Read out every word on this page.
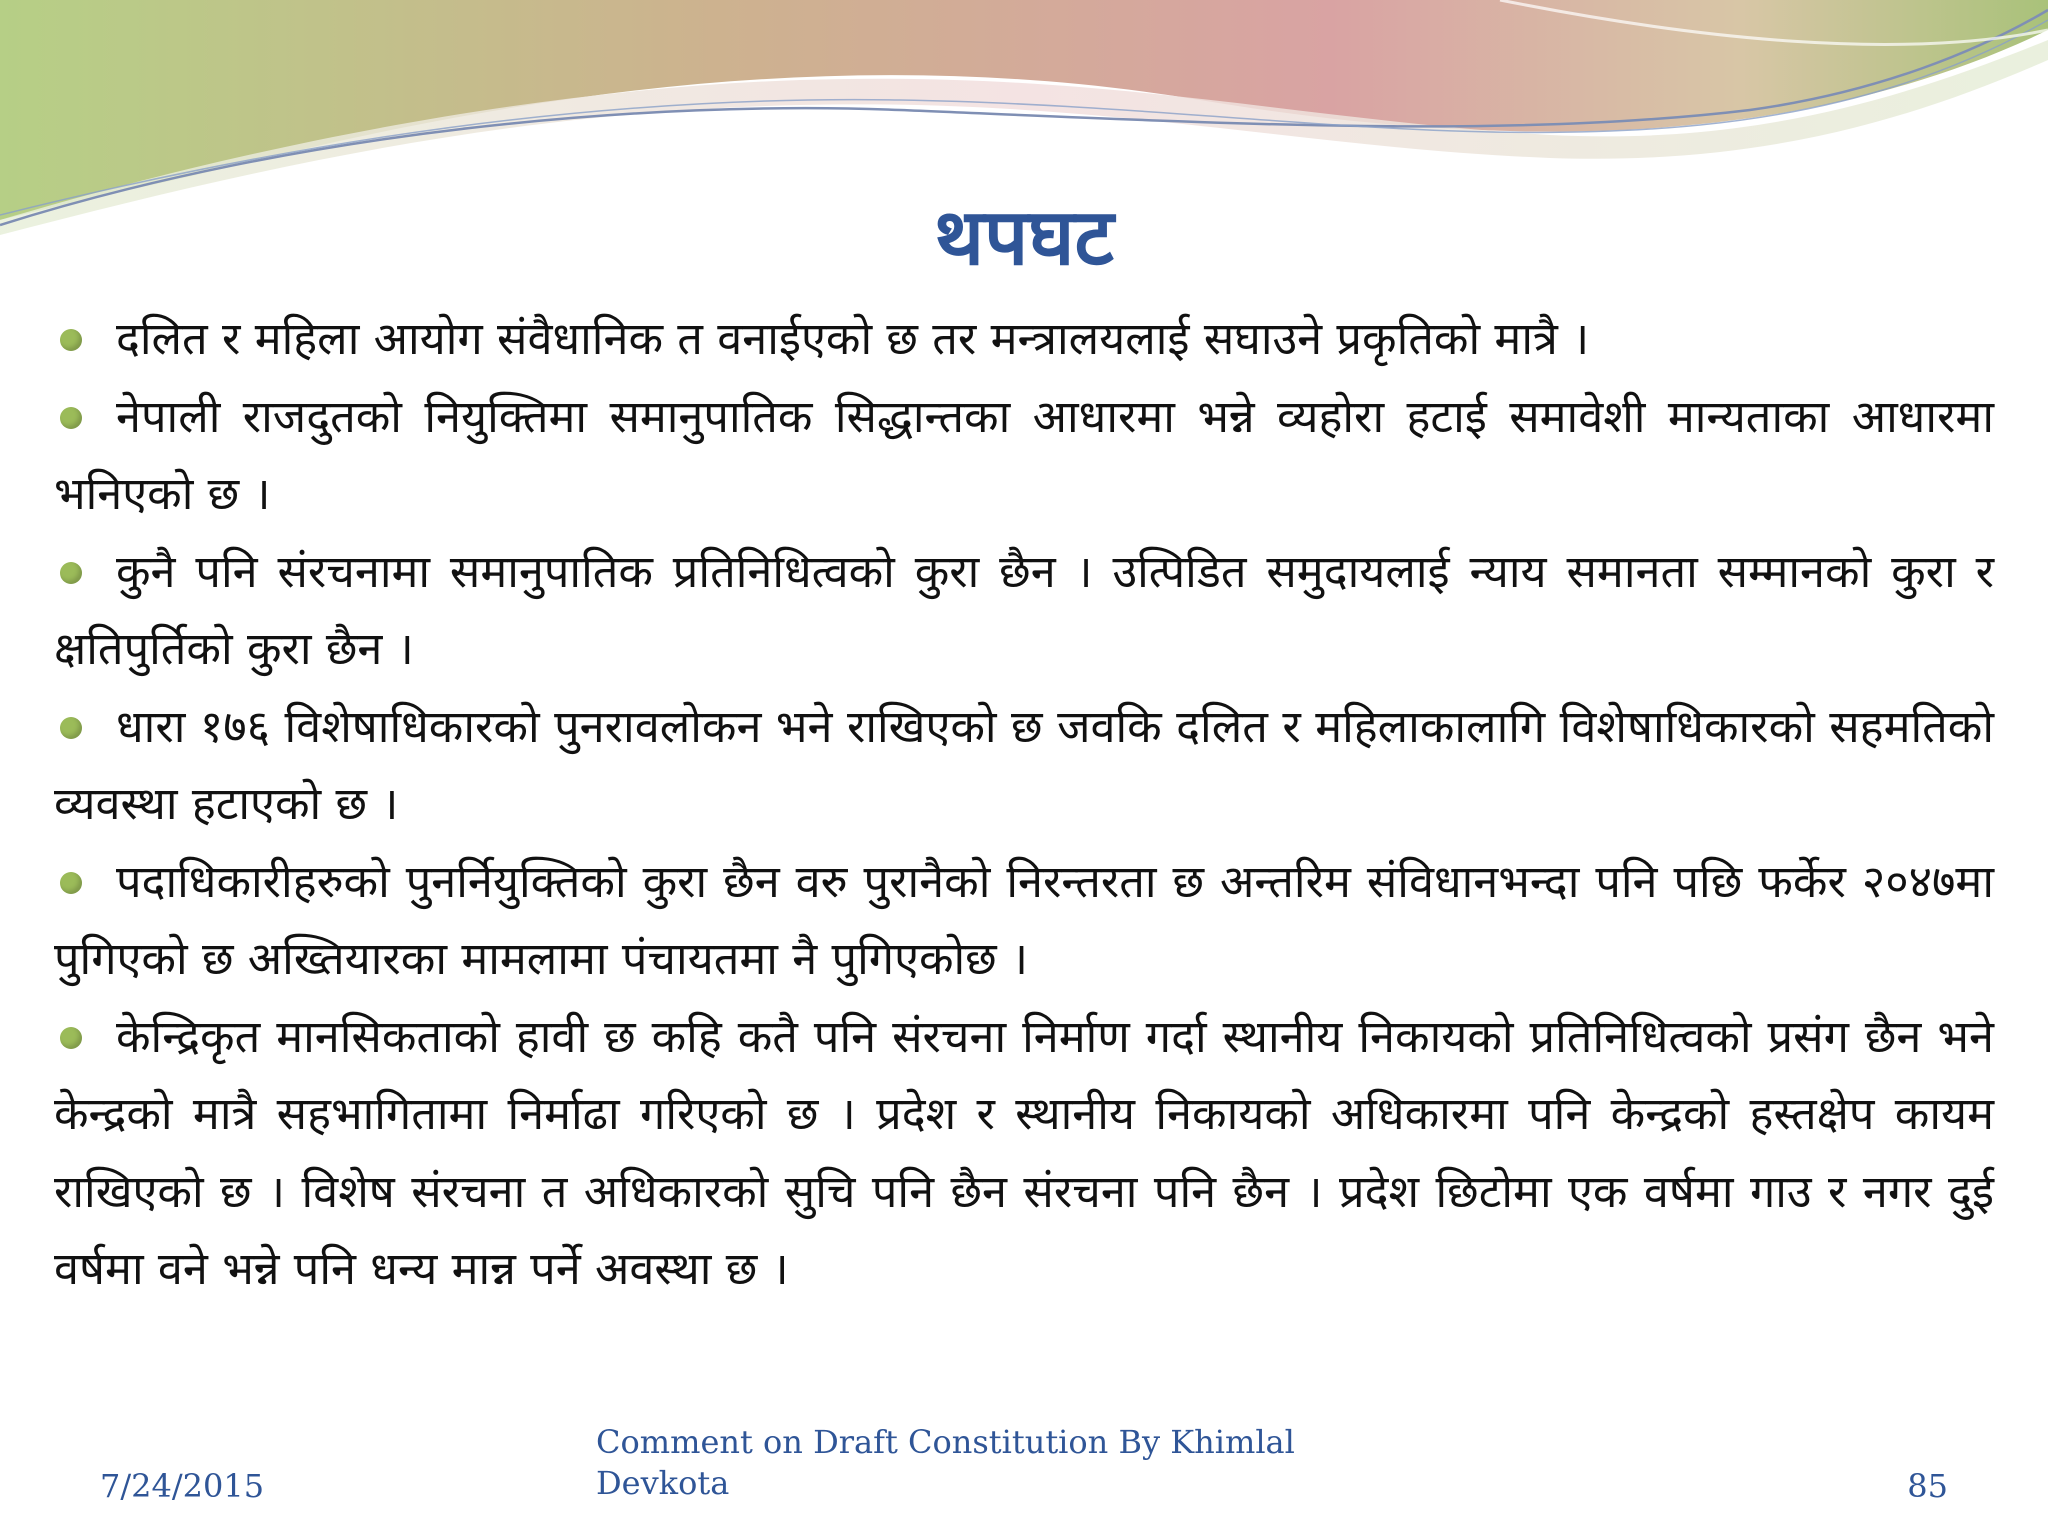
थपघट
दलित र महिला आयोग संवैधानिक त वनाईएको छ तर मन्त्रालयलाई सघाउने प्रकृतिको मात्रै ।
नेपाली राजदुतको नियुक्तिमा समानुपातिक सिद्धान्तका आधारमा भन्ने व्यहोरा हटाई समावेशी मान्यताका आधारमा भनिएको छ ।
कुनै पनि संरचनामा समानुपातिक प्रतिनिधित्वको कुरा छैन । उत्पिडित समुदायलाई न्याय समानता सम्मानको कुरा र क्षतिपुर्तिको कुरा छैन ।
धारा १७६ विशेषाधिकारको पुनरावलोकन भने राखिएको छ जवकि दलित र महिलाकालागि विशेषाधिकारको सहमतिको व्यवस्था हटाएको छ ।
पदाधिकारीहरुको पुनर्नियुक्तिको कुरा छैन वरु पुरानैको निरन्तरता छ अन्तरिम संविधानभन्दा पनि पछि फर्केर २०४७मा पुगिएको छ अख्तियारका मामलामा पंचायतमा नै पुगिएकोछ ।
केन्द्रिकृत मानसिकताको हावी छ कहि कतै पनि संरचना निर्माण गर्दा स्थानीय निकायको प्रतिनिधित्वको प्रसंग छैन भने केन्द्रको मात्रै सहभागितामा निर्माढा गरिएको छ । प्रदेश र स्थानीय निकायको अधिकारमा पनि केन्द्रको हस्तक्षेप कायम राखिएको छ । विशेष संरचना त अधिकारको सुचि पनि छैन संरचना पनि छैन । प्रदेश छिटोमा एक वर्षमा गाउ र नगर दुई वर्षमा वने भन्ने पनि धन्य मान्न पर्ने अवस्था छ ।
7/24/2015
Comment on Draft Constitution By Khimlal Devkota	85
